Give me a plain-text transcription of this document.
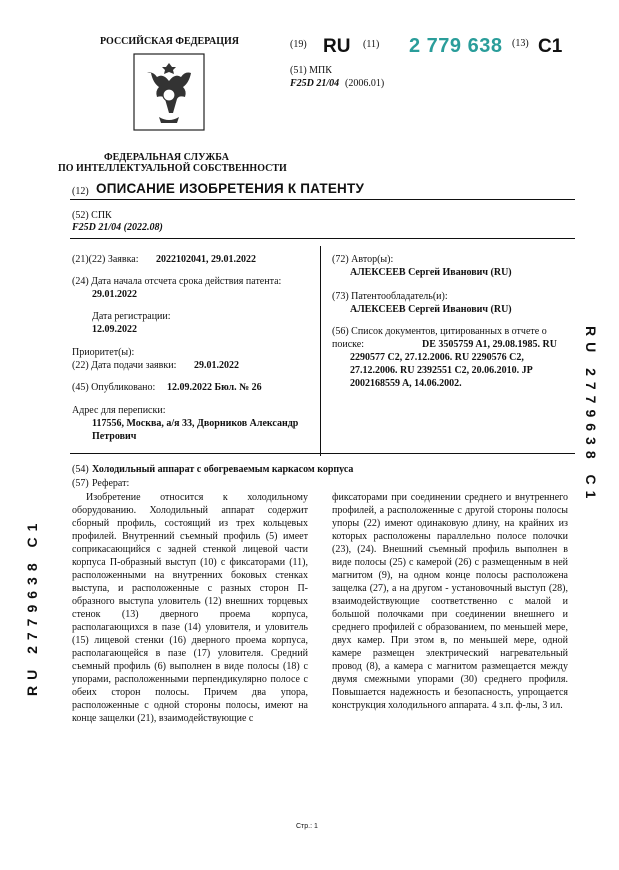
РОССИЙСКАЯ ФЕДЕРАЦИЯ
ФЕДЕРАЛЬНАЯ СЛУЖБА
ПО ИНТЕЛЛЕКТУАЛЬНОЙ СОБСТВЕННОСТИ
(19) RU (11) 2 779 638 (13) C1
(51) МПК
F25D 21/04 (2006.01)
(12) ОПИСАНИЕ ИЗОБРЕТЕНИЯ К ПАТЕНТУ
(52) СПК
F25D 21/04 (2022.08)
(21)(22) Заявка: 2022102041, 29.01.2022
(24) Дата начала отсчета срока действия патента:
29.01.2022
Дата регистрации:
12.09.2022
Приоритет(ы):
(22) Дата подачи заявки: 29.01.2022
(45) Опубликовано: 12.09.2022 Бюл. № 26
Адрес для переписки:
117556, Москва, а/я 33, Дворников Александр Петрович
(72) Автор(ы):
АЛЕКСЕЕВ Сергей Иванович (RU)
(73) Патентообладатель(и):
АЛЕКСЕЕВ Сергей Иванович (RU)
(56) Список документов, цитированных в отчете о поиске:	DE 3505759 A1, 29.08.1985. RU 2290577 C2, 27.12.2006. RU 2290576 C2, 27.12.2006. RU 2392551 C2, 20.06.2010. JP 2002168559 A, 14.06.2002.
(54) Холодильный аппарат с обогреваемым каркасом корпуса
(57) Реферат:

Изобретение относится к холодильному оборудованию. Холодильный аппарат содержит сборный профиль, состоящий из трех кольцевых профилей. Внутренний съемный профиль (5) имеет соприкасающийся с задней стенкой лицевой части корпуса П-образный выступ (10) с фиксаторами (11), расположенными на внутренних боковых стенках выступа, и расположенные с разных сторон П-образного выступа уловитель (12) внешних торцевых стенок (13) дверного проема корпуса, располагающихся в пазе (14) уловителя, и уловитель (15) лицевой стенки (16) дверного проема корпуса, располагающейся в пазе (17) уловителя. Средний съемный профиль (6) выполнен в виде полосы (18) с упорами, расположенными перпендикулярно полосе с обеих сторон полосы. Причем два упора, расположенные с одной стороны полосы, имеют на конце защелки (21), взаимодействующие с

фиксаторами при соединении среднего и внутреннего профилей, а расположенные с другой стороны полосы упоры (22) имеют одинаковую длину, на крайних из которых расположены параллельно полосе полочки (23), (24). Внешний съемный профиль выполнен в виде полосы (25) с камерой (26) с размещенным в ней магнитом (9), на одном конце полосы расположена защелка (27), а на другом - установочный выступ (28), взаимодействующие соответственно с малой и большой полочками при соединении внешнего и среднего профилей с образованием, по меньшей мере, двух камер. При этом в, по меньшей мере, одной камере размещен электрический нагревательный провод (8), а камера с магнитом размещается между двумя смежными упорами (30) среднего профиля. Повышается надежность и безопасность, упрощается конструкция холодильного аппарата. 4 з.п. ф-лы, 3 ил.

RU 2779638 C1
RU 2779638 C1
Стр.: 1
